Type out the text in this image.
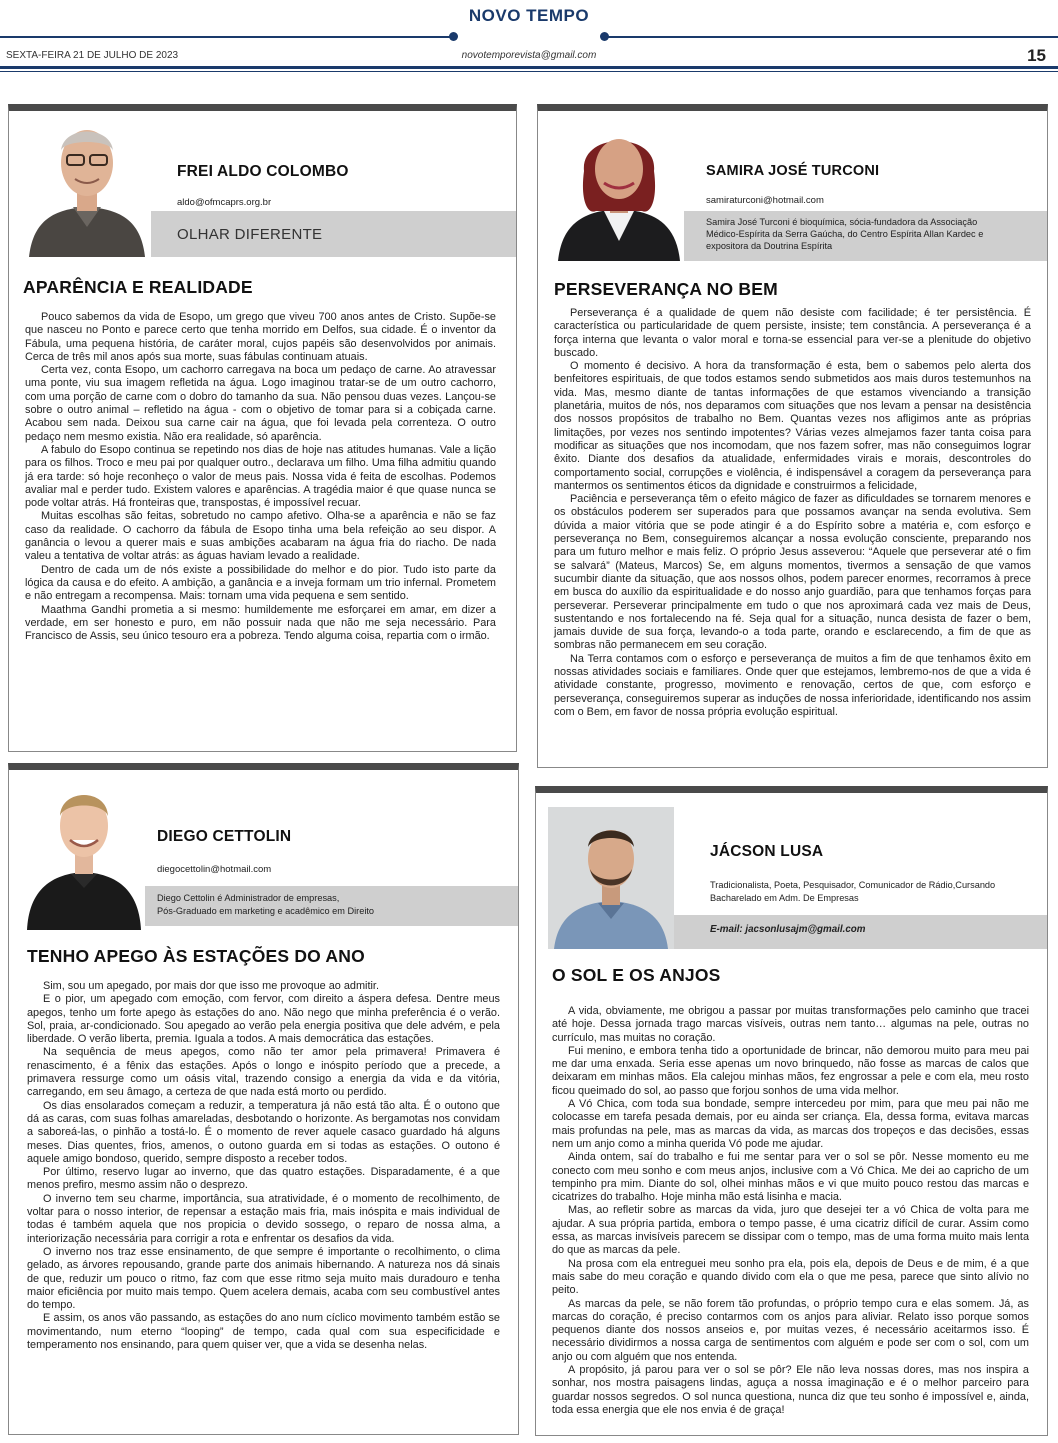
NOVO TEMPO
SEXTA-FEIRA 21 DE JULHO DE 2023	novotemporevista@gmail.com	15
FREI ALDO COLOMBO
aldo@ofmcaprs.org.br
OLHAR DIFERENTE
APARÊNCIA E REALIDADE

Pouco sabemos da vida de Esopo, um grego que viveu 700 anos antes de Cristo. Supõe-se que nasceu no Ponto e parece certo que tenha morrido em Delfos, sua cidade. É o inventor da Fábula, uma pequena história, de caráter moral, cujos papéis são desenvolvidos por animais. Cerca de três mil anos após sua morte, suas fábulas continuam atuais.

Certa vez, conta Esopo, um cachorro carregava na boca um pedaço de carne. Ao atravessar uma ponte, viu sua imagem refletida na água. Logo imaginou tratar-se de um outro cachorro, com uma porção de carne com o dobro do tamanho da sua. Não pensou duas vezes. Lançou-se sobre o outro animal – refletido na água - com o objetivo de tomar para si a cobiçada carne. Acabou sem nada. Deixou sua carne cair na água, que foi levada pela correnteza. O outro pedaço nem mesmo existia. Não era realidade, só aparência.

A fabulo do Esopo continua se repetindo nos dias de hoje nas atitudes humanas. Vale a lição para os filhos. Troco e meu pai por qualquer outro., declarava um filho. Uma filha admitiu quando já era tarde: só hoje reconheço o valor de meus pais. Nossa vida é feita de escolhas. Podemos avaliar mal e perder tudo. Existem valores e aparências. A tragédia maior é que quase nunca se pode voltar atrás. Há fronteiras que, transpostas, é impossível recuar.

Muitas escolhas são feitas, sobretudo no campo afetivo. Olha-se a aparência e não se faz caso da realidade. O cachorro da fábula de Esopo tinha uma bela refeição ao seu dispor. A ganância o levou a querer mais e suas ambições acabaram na água fria do riacho. De nada valeu a tentativa de voltar atrás: as águas haviam levado a realidade.

Dentro de cada um de nós existe a possibilidade do melhor e do pior. Tudo isto parte da lógica da causa e do efeito. A ambição, a ganância e a inveja formam um trio infernal. Prometem e não entregam a recompensa. Mais: tornam uma vida pequena e sem sentido.

Maathma Gandhi prometia a si mesmo: humildemente me esforçarei em amar, em dizer a verdade, em ser honesto e puro, em não possuir nada que não me seja necessário. Para Francisco de Assis, seu único tesouro era a pobreza. Tendo alguma coisa, repartia com o irmão.

SAMIRA JOSÉ TURCONI
samiraturconi@hotmail.com
Samira José Turconi é bioquímica, sócia-fundadora da Associação Médico-Espírita da Serra Gaúcha, do Centro Espírita Allan Kardec e expositora da Doutrina Espírita
PERSEVERANÇA NO BEM

Perseverança é a qualidade de quem não desiste com facilidade; é ter persistência. É característica ou particularidade de quem persiste, insiste; tem constância. A perseverança é a força interna que levanta o valor moral e torna-se essencial para ver-se a plenitude do objetivo buscado.

O momento é decisivo. A hora da transformação é esta, bem o sabemos pelo alerta dos benfeitores espirituais, de que todos estamos sendo submetidos aos mais duros testemunhos na vida. Mas, mesmo diante de tantas informações de que estamos vivenciando a transição planetária, muitos de nós, nos deparamos com situações que nos levam a pensar na desistência dos nossos propósitos de trabalho no Bem. Quantas vezes nos afligimos ante as próprias limitações, por vezes nos sentindo impotentes? Várias vezes almejamos fazer tanta coisa para modificar as situações que nos incomodam, que nos fazem sofrer, mas não conseguimos lograr êxito. Diante dos desafios da atualidade, enfermidades virais e morais, descontroles do comportamento social, corrupções e violência, é indispensável a coragem da perseverança para mantermos os sentimentos éticos da dignidade e construirmos a felicidade,

Paciência e perseverança têm o efeito mágico de fazer as dificuldades se tornarem menores e os obstáculos poderem ser superados para que possamos avançar na senda evolutiva. Sem dúvida a maior vitória que se pode atingir é a do Espírito sobre a matéria e, com esforço e perseverança no Bem, conseguiremos alcançar a nossa evolução consciente, preparando nos para um futuro melhor e mais feliz. O próprio Jesus asseverou: “Aquele que perseverar até o fim se salvará” (Mateus, Marcos) Se, em alguns momentos, tivermos a sensação de que vamos sucumbir diante da situação, que aos nossos olhos, podem parecer enormes, recorramos à prece em busca do auxílio da espiritualidade e do nosso anjo guardião, para que tenhamos forças para perseverar. Perseverar principalmente em tudo o que nos aproximará cada vez mais de Deus, sustentando e nos fortalecendo na fé. Seja qual for a situação, nunca desista de fazer o bem, jamais duvide de sua força, levando-o a toda parte, orando e esclarecendo, a fim de que as sombras não permanecem em seu coração.

Na Terra contamos com o esforço e perseverança de muitos a fim de que tenhamos êxito em nossas atividades sociais e familiares. Onde quer que estejamos, lembremo-nos de que a vida é atividade constante, progresso, movimento e renovação, certos de que, com esforço e perseverança, conseguiremos superar as induções de nossa inferioridade, identificando nos assim com o Bem, em favor de nossa própria evolução espiritual.

DIEGO CETTOLIN
diegocettolin@hotmail.com
Diego Cettolin é Administrador de empresas,
Pós-Graduado em marketing e acadêmico em Direito
TENHO APEGO ÀS ESTAÇÕES DO ANO

Sim, sou um apegado, por mais dor que isso me provoque ao admitir.

E o pior, um apegado com emoção, com fervor, com direito a áspera defesa. Dentre meus apegos, tenho um forte apego às estações do ano. Não nego que minha preferência é o verão. Sol, praia, ar-condicionado. Sou apegado ao verão pela energia positiva que dele advém, e pela liberdade. O verão liberta, premia. Iguala a todos. A mais democrática das estações.

Na sequência de meus apegos, como não ter amor pela primavera! Primavera é renascimento, é a fênix das estações. Após o longo e inóspito período que a precede, a primavera ressurge como um oásis vital, trazendo consigo a energia da vida e da vitória, carregando, em seu âmago, a certeza de que nada está morto ou perdido.

Os dias ensolarados começam a reduzir, a temperatura já não está tão alta. É o outono que dá as caras, com suas folhas amareladas, desbotando o horizonte. As bergamotas nos convidam a saboreá-las, o pinhão a tostá-lo. É o momento de rever aquele casaco guardado há alguns meses. Dias quentes, frios, amenos, o outono guarda em si todas as estações. O outono é aquele amigo bondoso, querido, sempre disposto a receber todos.

Por último, reservo lugar ao inverno, que das quatro estações. Disparadamente, é a que menos prefiro, mesmo assim não o desprezo.

O inverno tem seu charme, importância, sua atratividade, é o momento de recolhimento, de voltar para o nosso interior, de repensar a estação mais fria, mais inóspita e mais individual de todas é também aquela que nos propicia o devido sossego, o reparo de nossa alma, a interiorização necessária para corrigir a rota e enfrentar os desafios da vida.

O inverno nos traz esse ensinamento, de que sempre é importante o recolhimento, o clima gelado, as árvores repousando, grande parte dos animais hibernando. A natureza nos dá sinais de que, reduzir um pouco o ritmo, faz com que esse ritmo seja muito mais duradouro e tenha maior eficiência por muito mais tempo. Quem acelera demais, acaba com seu combustível antes do tempo.

E assim, os anos vão passando, as estações do ano num cíclico movimento também estão se movimentando, num eterno “looping” de tempo, cada qual com sua especificidade e temperamento nos ensinando, para quem quiser ver, que a vida se desenha nelas.

JÁCSON LUSA
Tradicionalista, Poeta, Pesquisador, Comunicador de Rádio,Cursando
Bacharelado em Adm. De Empresas
E-mail: jacsonlusajm@gmail.com
O SOL E OS ANJOS

A vida, obviamente, me obrigou a passar por muitas transformações pelo caminho que tracei até hoje. Dessa jornada trago marcas visíveis, outras nem tanto… algumas na pele, outras no currículo, mas muitas no coração.

Fui menino, e embora tenha tido a oportunidade de brincar, não demorou muito para meu pai me dar uma enxada. Seria esse apenas um novo brinquedo, não fosse as marcas de calos que deixaram em minhas mãos. Ela calejou minhas mãos, fez engrossar a pele e com ela, meu rosto ficou queimado do sol, ao passo que forjou sonhos de uma vida melhor.

A Vó Chica, com toda sua bondade, sempre intercedeu por mim, para que meu pai não me colocasse em tarefa pesada demais, por eu ainda ser criança. Ela, dessa forma, evitava marcas mais profundas na pele, mas as marcas da vida, as marcas dos tropeços e das decisões, essas nem um anjo como a minha querida Vó pode me ajudar.

Ainda ontem, saí do trabalho e fui me sentar para ver o sol se pôr. Nesse momento eu me conecto com meu sonho e com meus anjos, inclusive com a Vó Chica. Me dei ao capricho de um tempinho pra mim. Diante do sol, olhei minhas mãos e vi que muito pouco restou das marcas e cicatrizes do trabalho. Hoje minha mão está lisinha e macia.

Mas, ao refletir sobre as marcas da vida, juro que desejei ter a vó Chica de volta para me ajudar. A sua própria partida, embora o tempo passe, é uma cicatriz difícil de curar. Assim como essa, as marcas invisíveis parecem se dissipar com o tempo, mas de uma forma muito mais lenta do que as marcas da pele.

Na prosa com ela entreguei meu sonho pra ela, pois ela, depois de Deus e de mim, é a que mais sabe do meu coração e quando divido com ela o que me pesa, parece que sinto alívio no peito.

As marcas da pele, se não forem tão profundas, o próprio tempo cura e elas somem. Já, as marcas do coração, é preciso contarmos com os anjos para aliviar. Relato isso porque somos pequenos diante dos nossos anseios e, por muitas vezes, é necessário aceitarmos isso. É necessário dividirmos a nossa carga de sentimentos com alguém e pode ser com o sol, com um anjo ou com alguém que nos entenda.

A propósito, já parou para ver o sol se pôr? Ele não leva nossas dores, mas nos inspira a sonhar, nos mostra paisagens lindas, aguça a nossa imaginação e é o melhor parceiro para guardar nossos segredos. O sol nunca questiona, nunca diz que teu sonho é impossível e, ainda, toda essa energia que ele nos envia é de graça!
